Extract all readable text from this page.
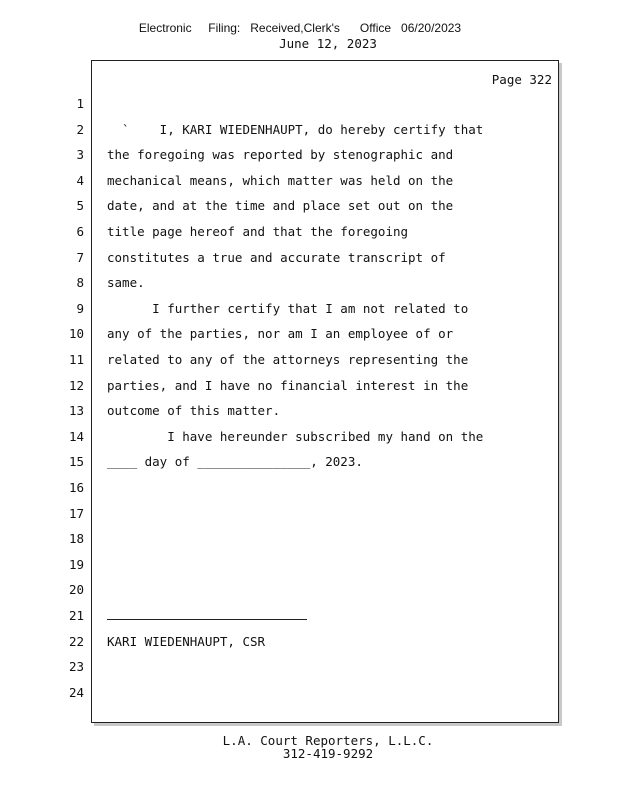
Electronic     Filing:   Received,Clerk's      Office   06/20/2023
June 12, 2023
Page 322
1
2 `    I, KARI WIEDENHAUPT, do hereby certify that
3 the foregoing was reported by stenographic and
4 mechanical means, which matter was held on the
5 date, and at the time and place set out on the
6 title page hereof and that the foregoing
7 constitutes a true and accurate transcript of
8 same.
9 I further certify that I am not related to
10 any of the parties, nor am I an employee of or
11 related to any of the attorneys representing the
12 parties, and I have no financial interest in the
13 outcome of this matter.
14 I have hereunder subscribed my hand on the
15 ____ day of _______________, 2023.
16
17
18
19
20
21
22 KARI WIEDENHAUPT, CSR
23
24
L.A. Court Reporters, L.L.C.
312-419-9292
